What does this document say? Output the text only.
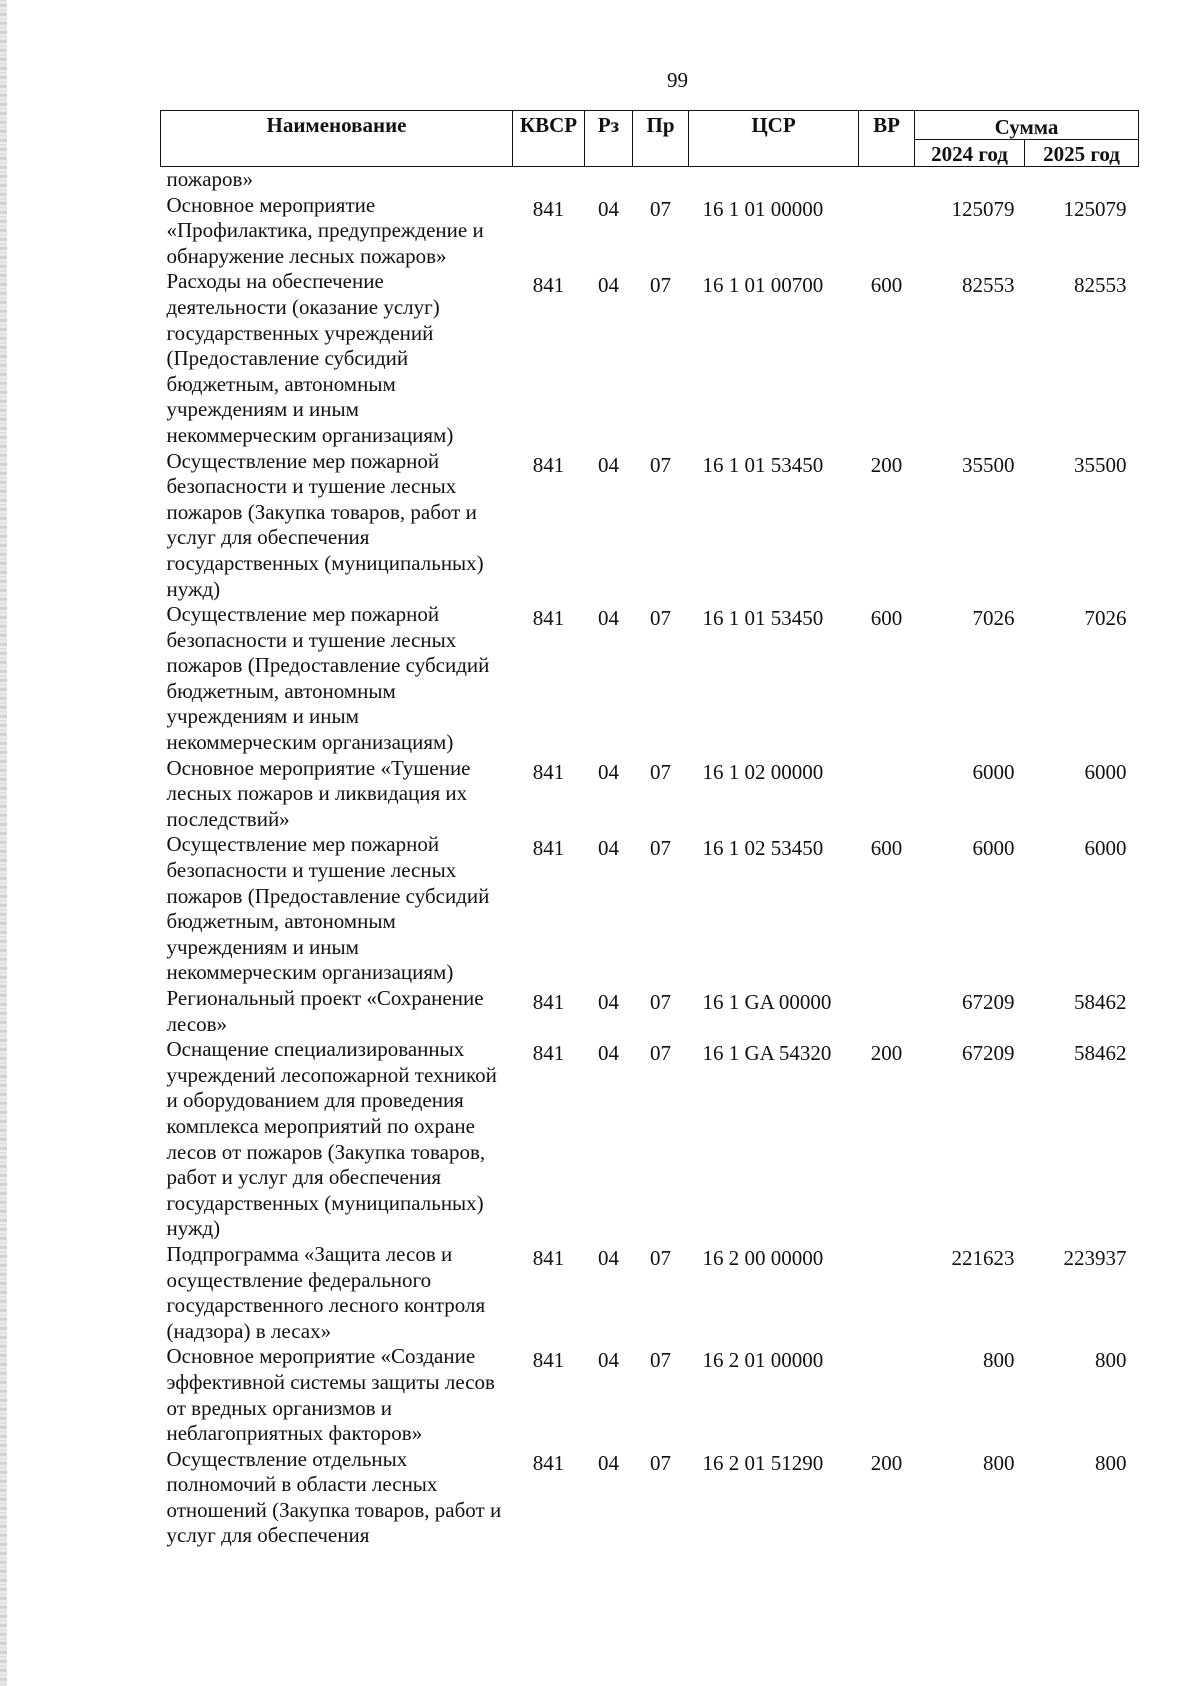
99
Наименование	КВСР	Рз	Пр	ЦСР	ВР	Сумма	
						2024 год	2025 год
пожаров»							
Основное мероприятие «Профилактика, предупреждение и обнаружение лесных пожаров»	841	04	07	16 1 01 00000		125079	125079
Расходы на обеспечение деятельности (оказание услуг) государственных учреждений (Предоставление субсидий бюджетным, автономным учреждениям и иным некоммерческим организациям)	841	04	07	16 1 01 00700	600	82553	82553
Осуществление мер пожарной безопасности и тушение лесных пожаров (Закупка товаров, работ и услуг для обеспечения государственных (муниципальных) нужд)	841	04	07	16 1 01 53450	200	35500	35500
Осуществление мер пожарной безопасности и тушение лесных пожаров (Предоставление субсидий бюджетным, автономным учреждениям и иным некоммерческим организациям)	841	04	07	16 1 01 53450	600	7026	7026
Основное мероприятие «Тушение лесных пожаров и ликвидация их последствий»	841	04	07	16 1 02 00000		6000	6000
Осуществление мер пожарной безопасности и тушение лесных пожаров (Предоставление субсидий бюджетным, автономным учреждениям и иным некоммерческим организациям)	841	04	07	16 1 02 53450	600	6000	6000
Региональный проект «Сохранение лесов»	841	04	07	16 1 GA 00000		67209	58462
Оснащение специализированных учреждений лесопожарной техникой и оборудованием для проведения комплекса мероприятий по охране лесов от пожаров (Закупка товаров, работ и услуг для обеспечения государственных (муниципальных) нужд)	841	04	07	16 1 GA 54320	200	67209	58462
Подпрограмма «Защита лесов и осуществление федерального государственного лесного контроля (надзора) в лесах»	841	04	07	16 2 00 00000		221623	223937
Основное мероприятие «Создание эффективной системы защиты лесов от вредных организмов и неблагоприятных факторов»	841	04	07	16 2 01 00000		800	800
Осуществление отдельных полномочий в области лесных отношений (Закупка товаров, работ и услуг для обеспечения	841	04	07	16 2 01 51290	200	800	800
